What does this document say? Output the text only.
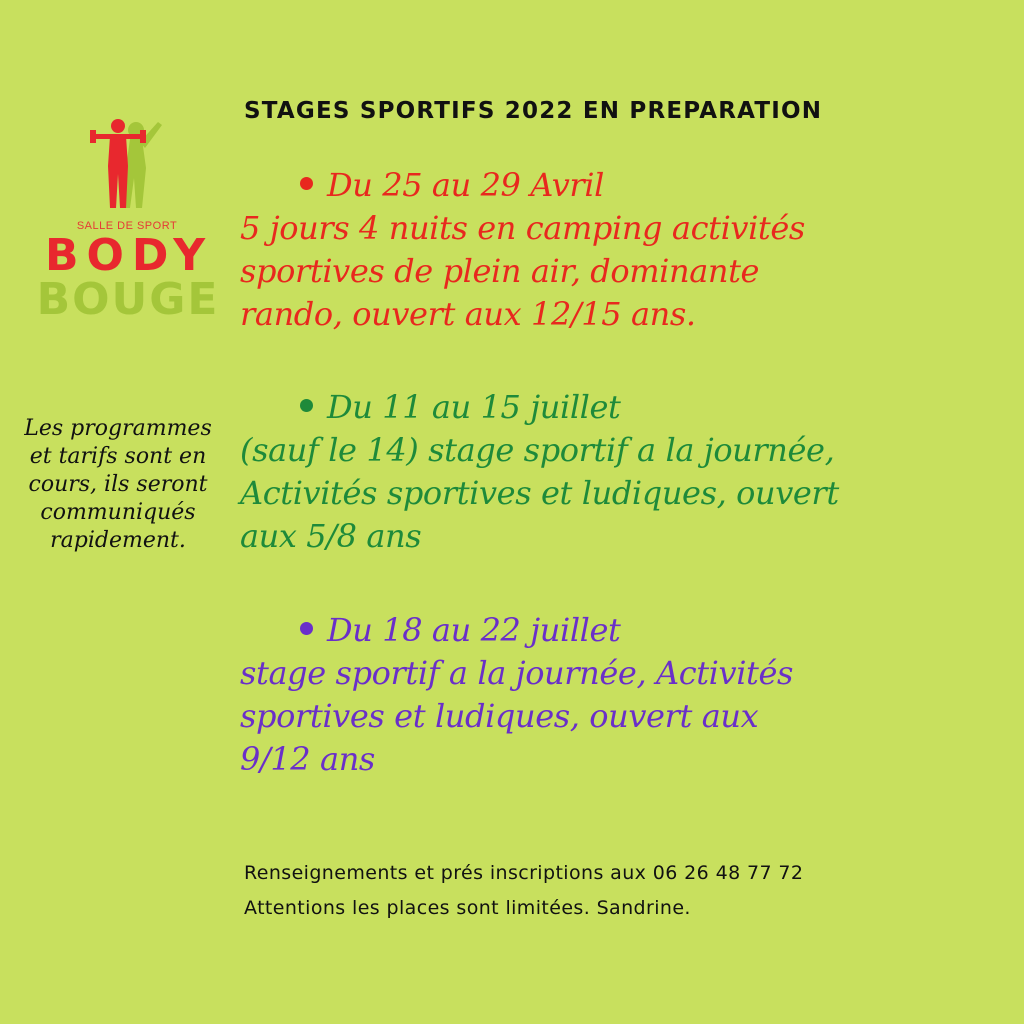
SALLE DE SPORT
BODY
BOUGE
STAGES SPORTIFS 2022 EN PREPARATION
Les programmes
et tarifs sont en
cours, ils seront
communiqués
rapidement.
Du 25 au 29 Avril
5 jours 4 nuits en camping activités
sportives de plein air, dominante
rando, ouvert aux 12/15 ans.
Du 11 au 15 juillet
(sauf le 14) stage sportif a la journée,
Activités sportives et ludiques, ouvert
aux 5/8 ans
Du 18 au 22 juillet
stage sportif a la journée, Activités
sportives et ludiques, ouvert aux
9/12 ans
Renseignements et prés inscriptions aux 06 26 48 77 72
Attentions les places sont limitées. Sandrine.
